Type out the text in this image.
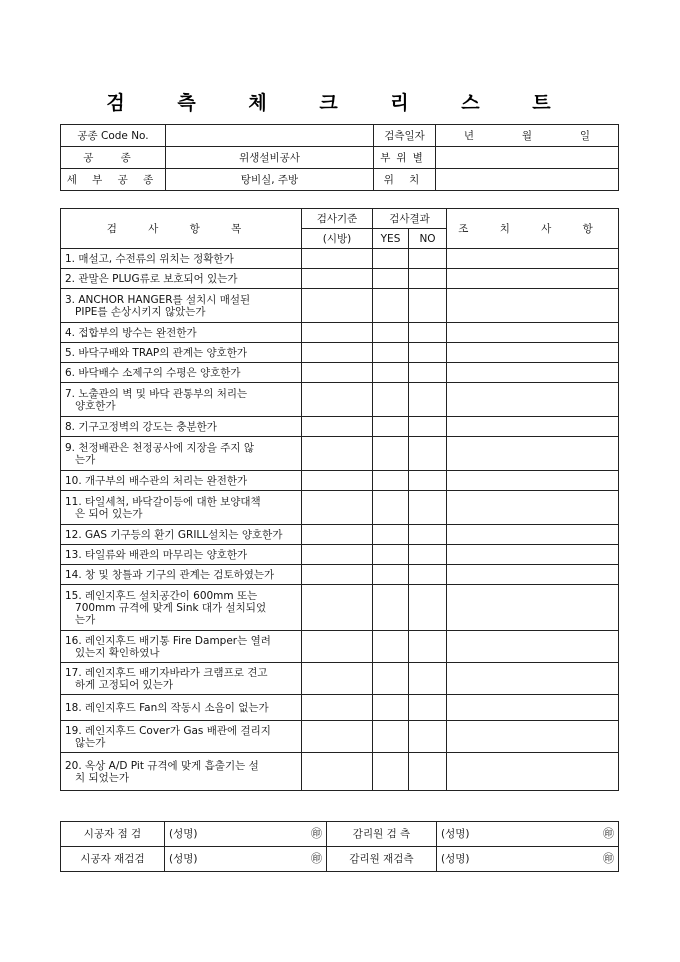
검 측 체 크 리 스 트
공종 Code No.		검측일자	년 월 일

공 종	위생설비공사	부위별	
세 부 공 종	탕비실, 주방	위 치	
검 사 항 목	검사기준	검사결과		조 치 사 항
	(시방)	YES	NO	
1. 매설고, 수전류의 위치는 정확한가				
2. 관말은 PLUG류로 보호되어 있는가				
3. ANCHOR HANGER를 설치시 매설된
PIPE를 손상시키지 않았는가				
4. 접합부의 방수는 완전한가				
5. 바닥구배와 TRAP의 관계는 양호한가				
6. 바닥배수 소제구의 수평은 양호한가				
7. 노출관의 벽 및 바닥 관통부의 처리는
양호한가				
8. 기구고정벽의 강도는 충분한가				
9. 천정배관은 천정공사에 지장을 주지 않
는가				
10. 개구부의 배수관의 처리는 완전한가				
11. 타일세척, 바닥갈이등에 대한 보양대책
은 되어 있는가				
12. GAS 기구등의 환기 GRILL설치는 양호한가				
13. 타일류와 배관의 마무리는 양호한가				
14. 창 및 창틀과 기구의 관계는 검토하였는가				
15. 레인지후드 설치공간이 600mm 또는
700mm 규격에 맞게 Sink 대가 설치되었
는가				
16. 레인지후드 배기통 Fire Damper는 열려
있는지 확인하였나				
17. 레인지후드 배기자바라가 크램프로 견고
하게 고정되어 있는가				
18. 레인지후드 Fan의 작동시 소음이 없는가				
19. 레인지후드 Cover가 Gas 배관에 걸리지
않는가				
20. 옥상 A/D Pit 규격에 맞게 흡출기는 설
치 되었는가				
시공자 점 검	(성명) ㊞	감리원 검 측	(성명) ㊞

시공자 재검검	(성명) ㊞	감리원 재검측	(성명) ㊞
